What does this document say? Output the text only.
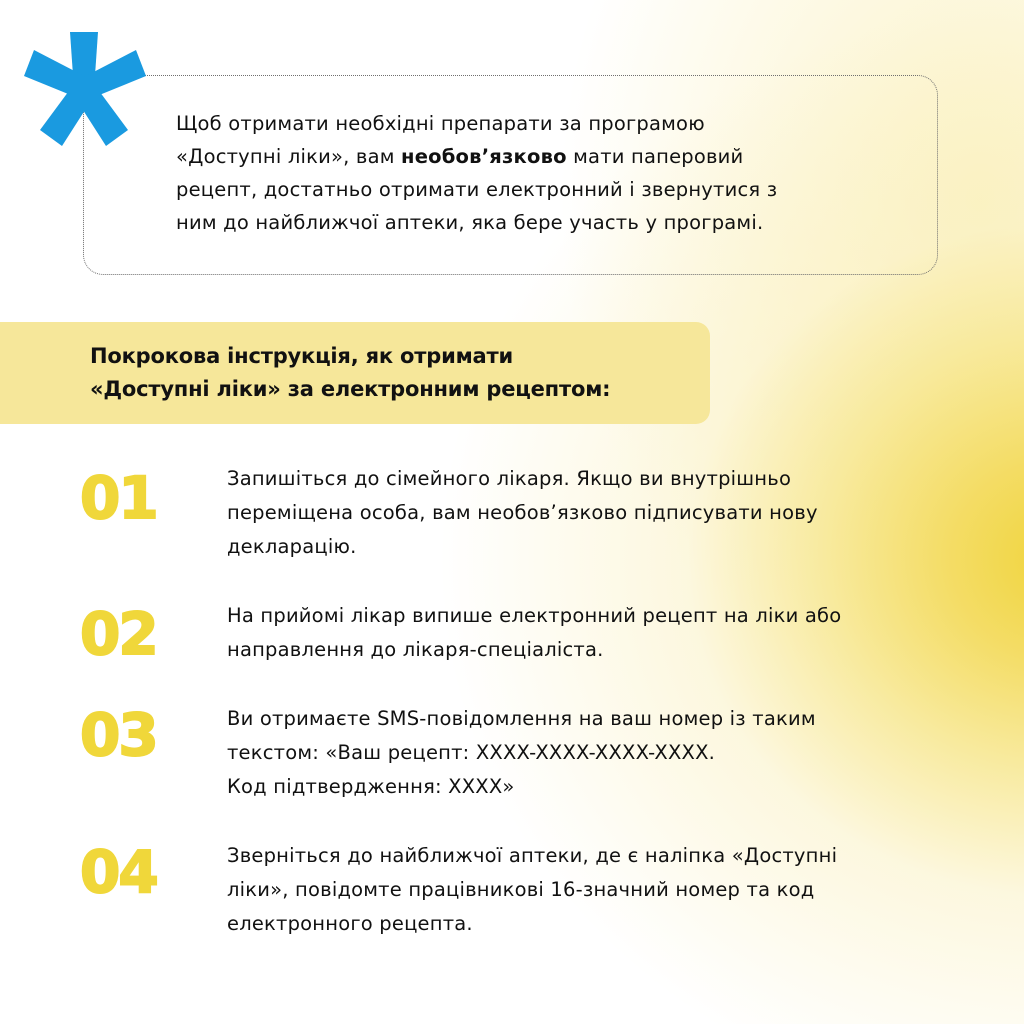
Щоб отримати необхідні препарати за програмою
«Доступні ліки», вам необов’язково мати паперовий
рецепт, достатньо отримати електронний і звернутися з
ним до найближчої аптеки, яка бере участь у програмі.
Покрокова інструкція, як отримати
«Доступні ліки» за електронним рецептом:
01	Запишіться до сімейного лікаря. Якщо ви внутрішньо
переміщена особа, вам необов’язково підписувати нову
декларацію.
02	На прийомі лікар випише електронний рецепт на ліки або
направлення до лікаря-спеціаліста.
03	Ви отримаєте SMS-повідомлення на ваш номер із таким
текстом: «Ваш рецепт: XXXX-XXXX-XXXX-XXXX.
Код підтвердження: XXXX»
04	Зверніться до найближчої аптеки, де є наліпка «Доступні
ліки», повідомте працівникові 16-значний номер та код
електронного рецепта.
